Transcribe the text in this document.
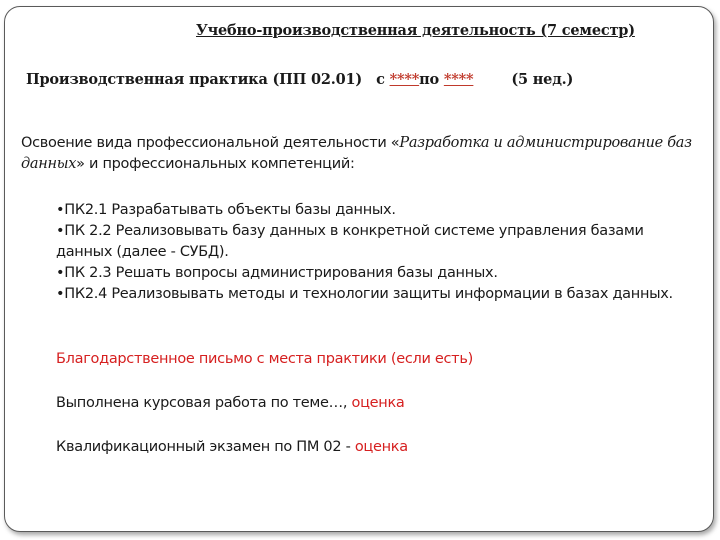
Учебно-производственная деятельность (7 семестр)
Производственная практика (ПП 02.01) с ****по ****	(5 нед.)
Освоение вида профессиональной деятельности «Разработка и администрирование баз данных» и профессиональных компетенций:
•ПК2.1 Разрабатывать объекты базы данных.
•ПК 2.2 Реализовывать базу данных в конкретной системе управления базами данных (далее - СУБД).
•ПК 2.3 Решать вопросы администрирования базы данных.
•ПК2.4 Реализовывать методы и технологии защиты информации в базах данных.
Благодарственное письмо с места практики (если есть)
Выполнена курсовая работа по теме…, оценка
Квалификационный экзамен по ПМ 02 - оценка
